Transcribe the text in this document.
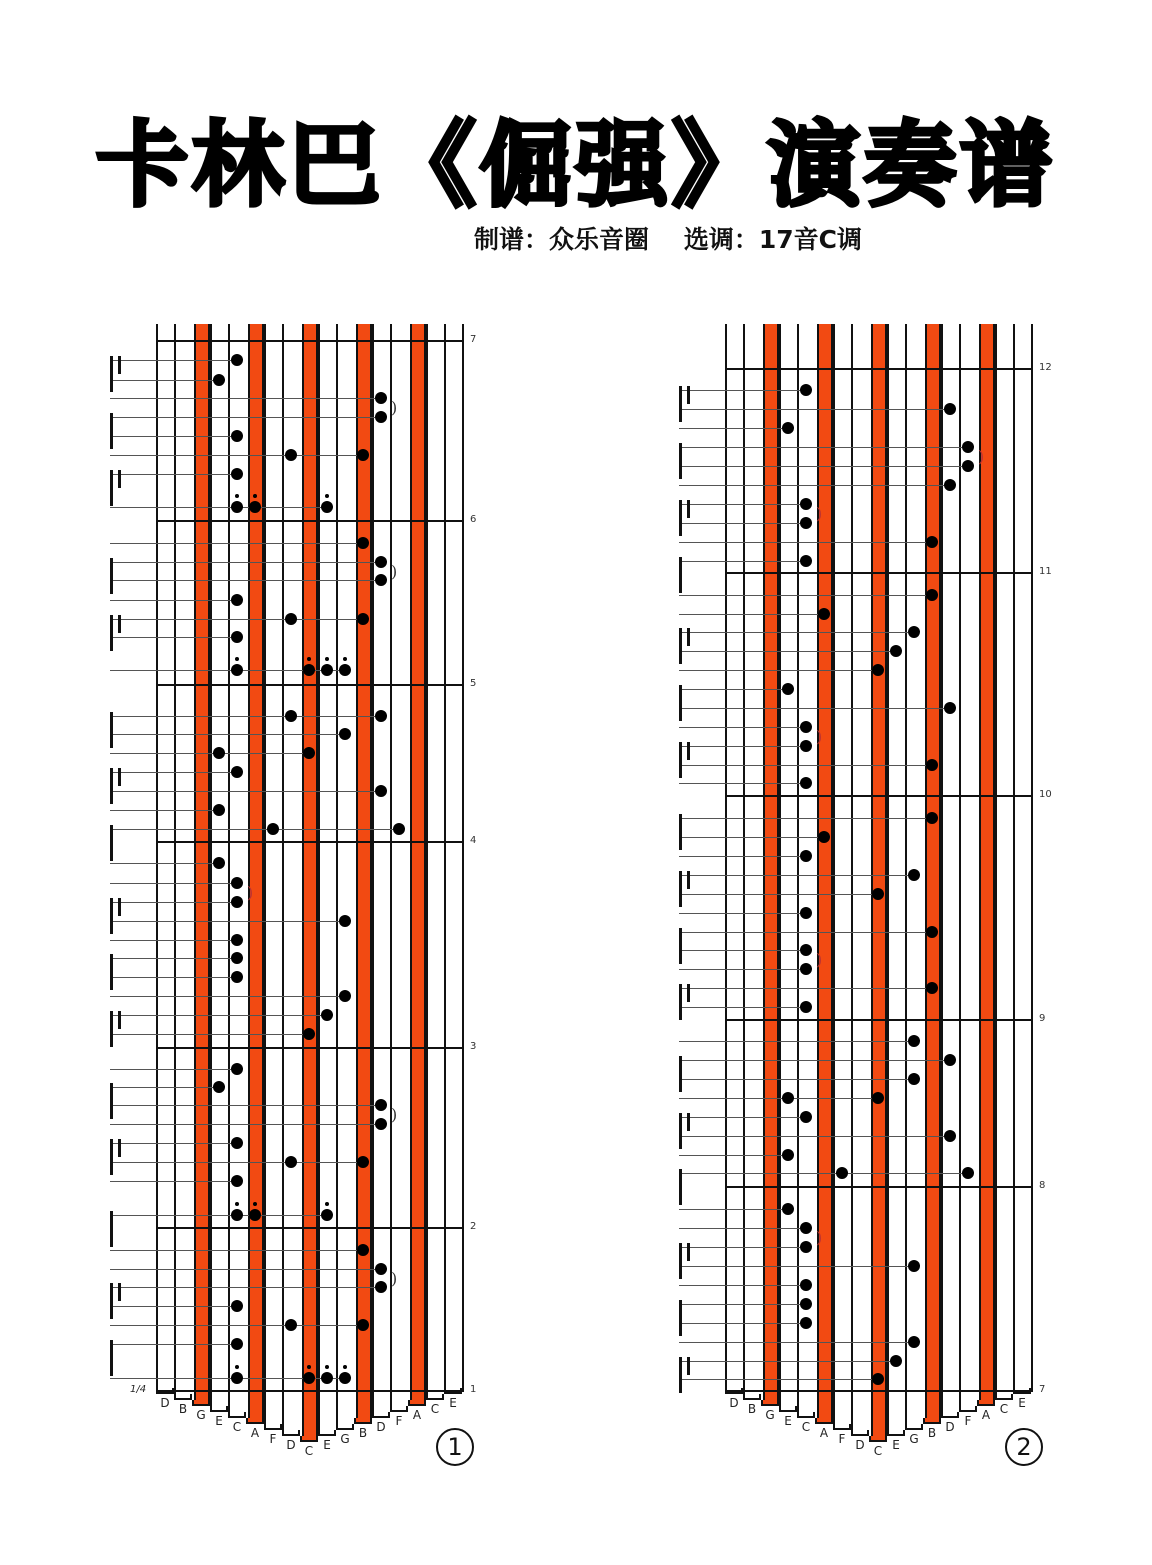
卡林巴《倔强》演奏谱
制谱：众乐音圈    选调：17音C调
D B G E C A F D C E G B D F A C E
7
6
5
4
3
2
1
)
)
)
)
)
1/4
1
D B G E C A F D C E G B D F A C E
12
11
10
9
8
7
)
)
)
)
)
2
